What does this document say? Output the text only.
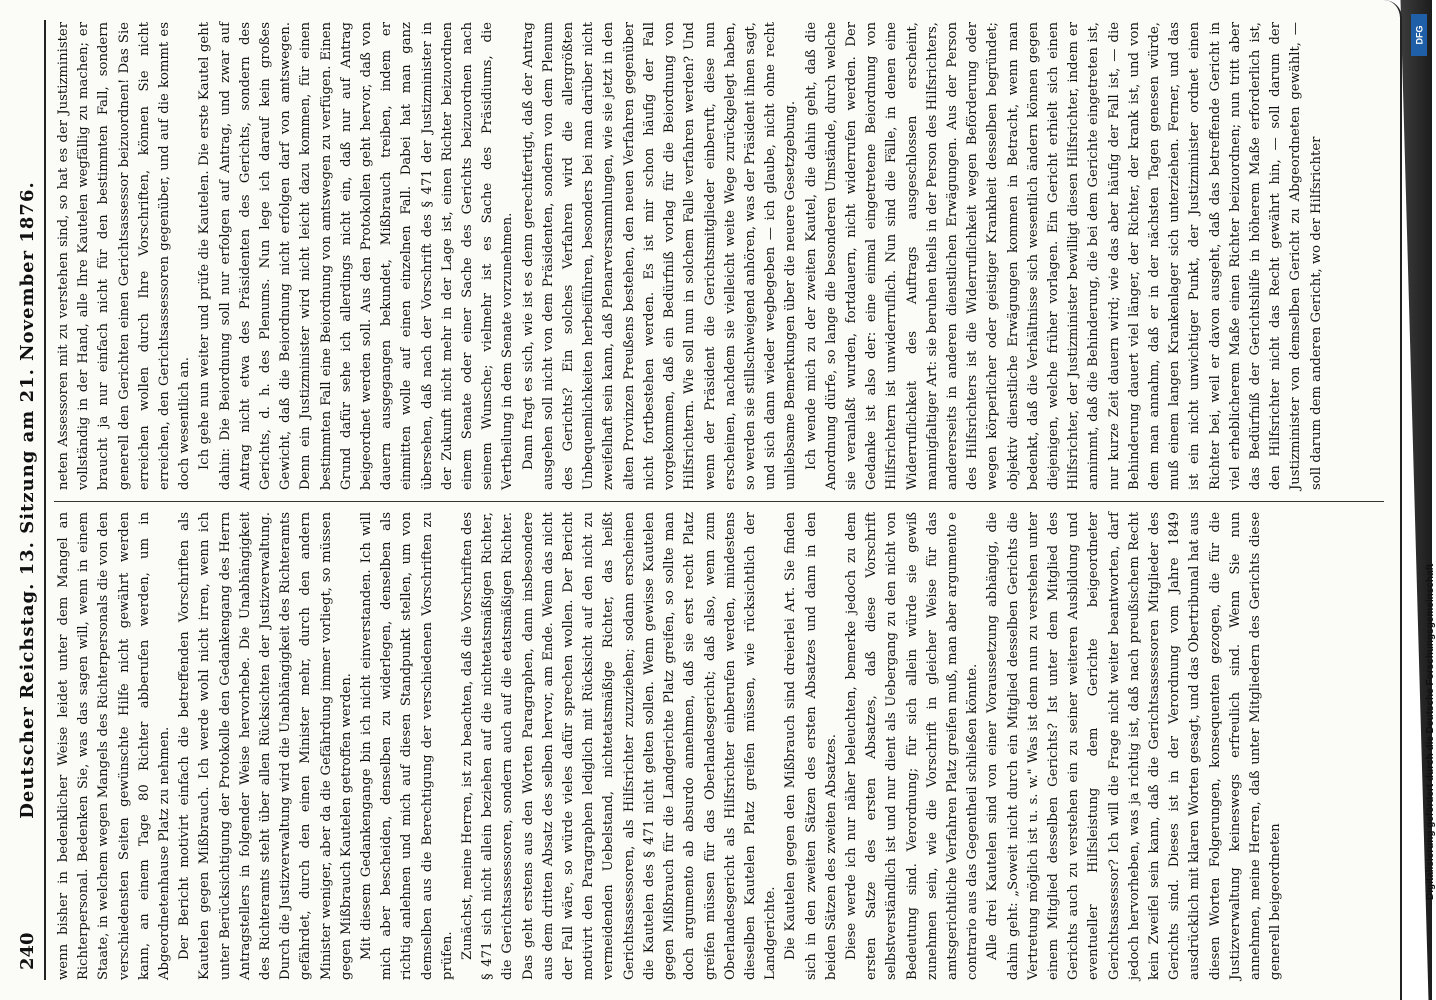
240
Deutscher Reichstag. 13. Sitzung am 21. November 1876. wenn bisher in bedenklicher Weise leidet unter dem Mangel an Richterpersonal. Bedenken Sie, was das sagen will, wenn in einem Staate, in welchem wegen Mangels des Richterpersonals die von den verschiedensten Seiten gewünschte Hilfe nicht gewährt werden kann, an einem Tage 80 Richter abberufen werden, um in Abgeordnetenhause Platz zu nehmen. Der Bericht motivirt einfach die betreffenden Vorschriften als Kautelen gegen Mißbrauch. Ich werde wohl nicht irren, wenn ich unter Berücksichtigung der Protokolle den Gedankengang des Herrn Antragstellers in folgender Weise hervorhebe. Die Unabhängigkeit des Richteramts steht über allen Rücksichten der Justizverwaltung. Durch die Justizverwaltung wird die Unabhängigkeit des Richteramts gefährdet, durch den einen Minister mehr, durch den andern Minister weniger, aber da die Gefährdung immer vorliegt, so müssen gegen Mißbrauch Kautelen getroffen werden. Mit diesem Gedankengange bin ich nicht einverstanden. Ich will mich aber bescheiden, denselben zu widerlegen, denselben als richtig anlehnen und mich auf diesen Standpunkt stellen, um von demselben aus die Berechtigung der verschiedenen Vorschriften zu prüfen. Zunächst, meine Herren, ist zu beachten, daß die Vorschriften des § 471 sich nicht allein beziehen auf die nichtetatsmäßigen Richter, die Gerichtsassessoren, sondern auch auf die etatsmäßigen Richter. Das geht erstens aus den Worten Paragraphen, dann insbesondere aus dem dritten Absatz des selben hervor, am Ende. Wenn das nicht der Fall wäre, so würde vieles dafür sprechen wollen. Der Bericht motivirt den Paragraphen lediglich mit Rücksicht auf den nicht zu vermeidenden Uebelstand, nichtetatsmäßige Richter, das heißt Gerichtsassessoren, als Hilfsrichter zuzuziehen; sodann erscheinen die Kautelen des § 471 nicht gelten sollen. Wenn gewisse Kautelen gegen Mißbrauch für die Landgerichte Platz greifen, so sollte man doch argumento ab absurdo annehmen, daß sie erst recht Platz greifen müssen für das Oberlandesgericht; daß also, wenn zum Oberlandesgericht als Hilfsrichter einberufen werden, mindestens dieselben Kautelen Platz greifen müssen, wie rücksichtlich der Landgerichte. Die Kautelen gegen den Mißbrauch sind dreierlei Art. Sie finden sich in den zweiten Sätzen des ersten Absatzes und dann in den beiden Sätzen des zweiten Absatzes. Diese werde ich nur näher beleuchten, bemerke jedoch zu dem ersten Satze des ersten Absatzes, daß diese Vorschrift selbstverständlich ist und nur dient als Uebergang zu den nicht von Bedeutung sind. Verordnung; für sich allein würde sie gewiß zunehmen sein, wie die Vorschrift in gleicher Weise für das amtsgerichtliche Verfahren Platz greifen muß, man aber argumento e contrario aus das Gegentheil schließen könnte. Alle drei Kautelen sind von einer Voraussetzung abhängig, die dahin geht: „Soweit nicht durch ein Mitglied desselben Gerichts die Vertretung möglich ist u. s. w." Was ist denn nun zu verstehen unter einem Mitglied desselben Gerichts? Ist unter dem Mitglied des Gerichts auch zu verstehen ein zu seiner weiteren Ausbildung und eventueller Hilfsleistung dem Gerichte beigeordneter Gerichtsassessor? Ich will die Frage nicht weiter beantworten, darf jedoch hervorheben, was ja richtig ist, daß nach preußischem Recht kein Zweifel sein kann, daß die Gerichtsassessoren Mitglieder des Gerichts sind. Dieses ist in der Verordnung vom Jahre 1849 ausdrücklich mit klaren Worten gesagt, und das Obertribunal hat aus diesen Worten Folgerungen, konsequenten gezogen, die für die Justizverwaltung keineswegs erfreulich sind. Wenn Sie nun annehmen, meine Herren, daß unter Mitgliedern des Gerichts diese generell beigeordneten

neten Assessoren mit zu verstehen sind, so hat es der Justizminister vollständig in der Hand, alle Ihre Kautelen wegfällig zu machen; er braucht ja nur einfach nicht für den bestimmten Fall, sondern generell den Gerichten einen Gerichtsassessor beizuordnen! Das Sie erreichen wollen durch Ihre Vorschriften, können Sie nicht erreichen, den Gerichtsassessoren gegenüber, und auf die kommt es doch wesentlich an. Ich gehe nun weiter und prüfe die Kautelen. Die erste Kautel geht dahin: Die Beiordnung soll nur erfolgen auf Antrag, und zwar auf Antrag nicht etwa des Präsidenten des Gerichts, sondern des Gerichts, d. h. des Plenums. Nun lege ich darauf kein großes Gewicht, daß die Beiordnung nicht erfolgen darf von amtswegen. Denn ein Justizminister wird nicht leicht dazu kommen, für einen bestimmten Fall eine Beiordnung von amtswegen zu verfügen. Einen Grund dafür sehe ich allerdings nicht ein, daß nur auf Antrag beigeordnet werden soll. Aus den Protokollen geht hervor, daß von dauern ausgegangen bekundet, Mißbrauch treiben, indem er einmitten wolle auf einen einzelnen Fall. Dabei hat man ganz übersehen, daß nach der Vorschrift des § 471 der Justizminister in der Zukunft nicht mehr in der Lage ist, einen Richter beizuordnen einem Senate oder einer Sache des Gerichts beizuordnen nach seinem Wunsche; vielmehr ist es Sache des Präsidiums, die Vertheilung in dem Senate vorzunehmen. Dann fragt es sich, wie ist es denn gerechtfertigt, daß der Antrag ausgehen soll nicht von dem Präsidenten, sondern von dem Plenum des Gerichts? Ein solches Verfahren wird die allergrößten Unbequemlichkeiten herbeiführen, besonders bei man darüber nicht zweifelhaft sein kann, daß Plenarversammlungen, wie sie jetzt in den alten Provinzen Preußens bestehen, den neuen Verfahren gegenüber nicht fortbestehen werden. Es ist mir schon häufig der Fall vorgekommen, daß ein Bedürfniß vorlag für die Beiordnung von Hilfsrichtern. Wie soll nun in solchem Falle verfahren werden? Und wenn der Präsident die Gerichtsmitglieder einberuft, diese nun erscheinen, nachdem sie vielleicht weite Wege zurückgelegt haben, so werden sie stillschweigend anhören, was der Präsident ihnen sagt, und sich dann wieder wegbegeben — ich glaube, nicht ohne recht unliebsame Bemerkungen über die neuere Gesetzgebung. Ich wende mich zu der zweiten Kautel, die dahin geht, daß die Anordnung dürfe, so lange die besonderen Umstände, durch welche sie veranlaßt wurden, fortdauern, nicht widerrufen werden. Der Gedanke ist also der: eine einmal eingetretene Beiordnung von Hilfsrichtern ist unwiderruflich. Nun sind die Fälle, in denen eine Widerruflichkeit des Auftrags ausgeschlossen erscheint, mannigfaltiger Art: sie beruhen theils in der Person des Hilfsrichters, andererseits in anderen dienstlichen Erwägungen. Aus der Person des Hilfsrichters ist die Widerruflichkeit wegen Beförderung oder wegen körperlicher oder geistiger Krankheit desselben begründet; objektiv dienstliche Erwägungen kommen in Betracht, wenn man bedenkt, daß die Verhältnisse sich wesentlich ändern können gegen diejenigen, welche früher vorlagen. Ein Gericht erhielt sich einen Hilfsrichter, der Justizminister bewilligt diesen Hilfsrichter, indem er annimmt, daß die Behinderung, die bei dem Gerichte eingetreten ist, nur kurze Zeit dauern wird; wie das aber häufig der Fall ist, — die Behinderung dauert viel länger, der Richter, der krank ist, und von dem man annahm, daß er in der nächsten Tagen genesen würde, muß einem langen Krankenlager sich unterziehen. Ferner, und das ist ein nicht unwichtiger Punkt, der Justizminister ordnet einen Richter bei, weil er davon ausgeht, daß das betreffende Gericht in viel erheblicherem Maße einen Richter beizuordnen; nun tritt aber das Bedürfniß der Gerichtshilfe in höherem Maße erforderlich ist, den Hilfsrichter nicht das Recht gewährt hin, — soll darum der Justizminister von demselben Gericht zu Abgeordneten gewählt, — soll darum dem anderen Gericht, wo der Hilfsrichter

DFG
Digitalisierung gefördert durch die Deutsche Forschungsgemeinschaft
